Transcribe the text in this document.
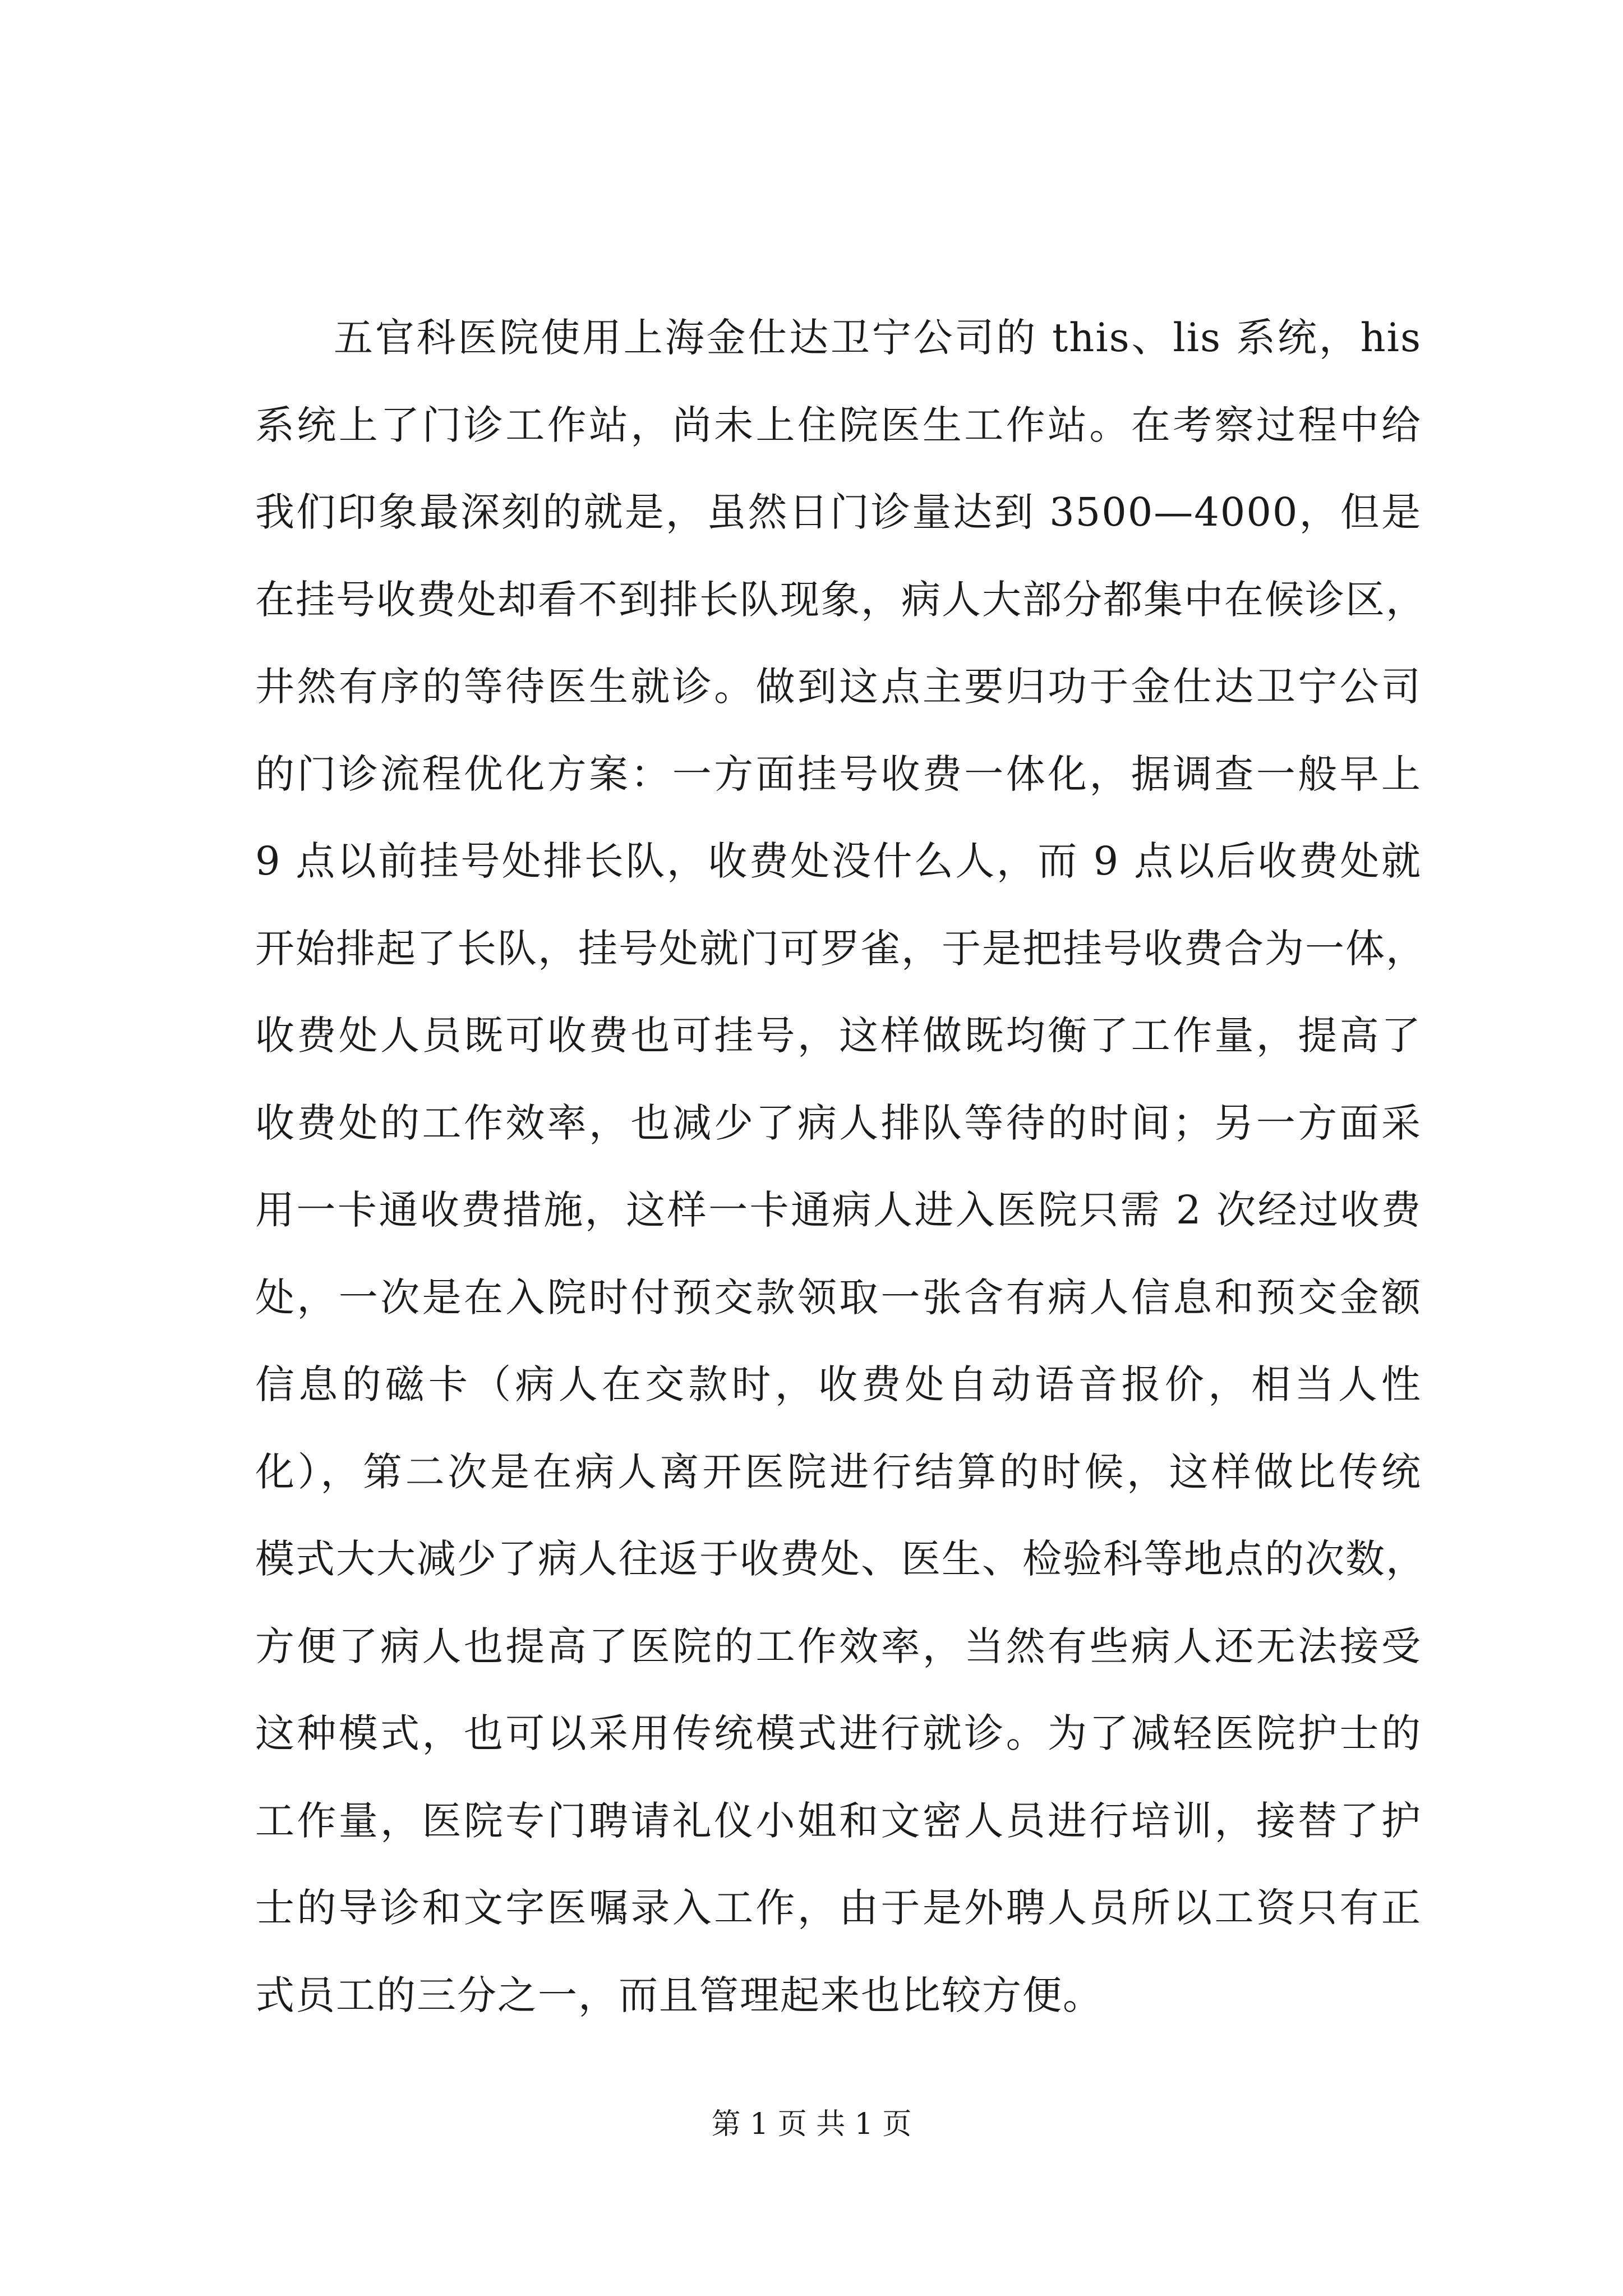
五官科医院使用上海金仕达卫宁公司的 this、lis 系统，his
系统上了门诊工作站，尚未上住院医生工作站。在考察过程中给
我们印象最深刻的就是，虽然日门诊量达到 3500—4000，但是
在挂号收费处却看不到排长队现象，病人大部分都集中在候诊区，
井然有序的等待医生就诊。做到这点主要归功于金仕达卫宁公司
的门诊流程优化方案：一方面挂号收费一体化，据调查一般早上
9 点以前挂号处排长队，收费处没什么人，而 9 点以后收费处就
开始排起了长队，挂号处就门可罗雀，于是把挂号收费合为一体，
收费处人员既可收费也可挂号，这样做既均衡了工作量，提高了
收费处的工作效率，也减少了病人排队等待的时间；另一方面采
用一卡通收费措施，这样一卡通病人进入医院只需 2 次经过收费
处，一次是在入院时付预交款领取一张含有病人信息和预交金额
信息的磁卡（病人在交款时，收费处自动语音报价，相当人性
化），第二次是在病人离开医院进行结算的时候，这样做比传统
模式大大减少了病人往返于收费处、医生、检验科等地点的次数，
方便了病人也提高了医院的工作效率，当然有些病人还无法接受
这种模式，也可以采用传统模式进行就诊。为了减轻医院护士的
工作量，医院专门聘请礼仪小姐和文密人员进行培训，接替了护
士的导诊和文字医嘱录入工作，由于是外聘人员所以工资只有正
式员工的三分之一，而且管理起来也比较方便。
第 1 页 共 1 页
